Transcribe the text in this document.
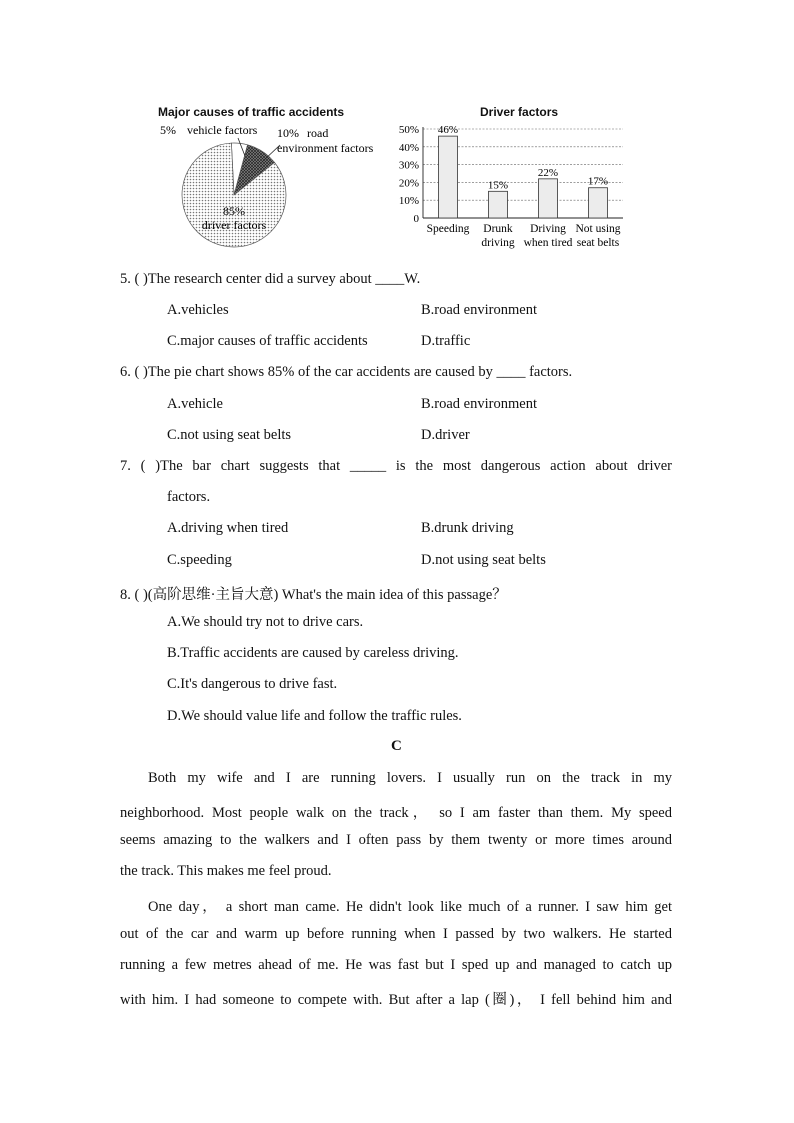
Major causes of traffic accidents
5% vehicle factors 10% road
environment factors
85%
driver factors
Driver factors
0
10%
20%
30%
40%
50% 46%
Speeding
15%
Drunk
driving
22%
Driving
when tired
17%
Not using
seat belts
5. ( )The research center did a survey about ____W.
A.vehicles	B.road environment
C.major causes of traffic accidents	D.traffic
6. ( )The pie chart shows 85% of the car accidents are caused by ____ factors.
A.vehicle	B.road environment
C.not using seat belts	D.driver
7. ( )The bar chart suggests that _____ is the most dangerous action about driver
factors.
A.driving when tired	B.drunk driving
C.speeding	D.not using seat belts
8. ( )(高阶思维·主旨大意) What's the main idea of this passage？
A.We should try not to drive cars.
B.Traffic accidents are caused by careless driving.
C.It's dangerous to drive fast.
D.We should value life and follow the traffic rules.
C
Both my wife and I are running lovers. I usually run on the track in my
neighborhood. Most people walk on the track， so I am faster than them. My speed
seems amazing to the walkers and I often pass by them twenty or more times around
the track. This makes me feel proud.
One day， a short man came. He didn't look like much of a runner. I saw him get
out of the car and warm up before running when I passed by two walkers. He started
running a few metres ahead of me. He was fast but I sped up and managed to catch up
with him. I had someone to compete with. But after a lap (圈)， I fell behind him and
